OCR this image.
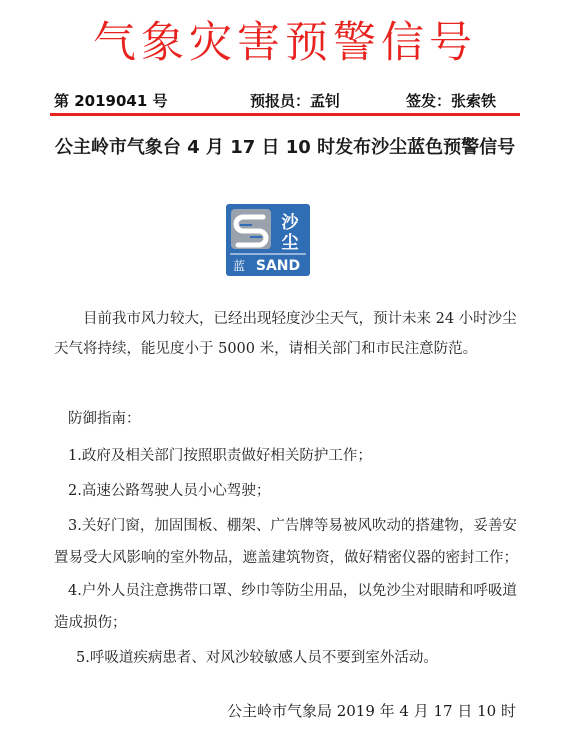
气象灾害预警信号
第 2019041 号	预报员：孟钊	签发：张索铁
公主岭市气象台 4 月 17 日 10 时发布沙尘蓝色预警信号
沙
尘
蓝 SAND
目前我市风力较大，已经出现轻度沙尘天气，预计未来 24 小时沙尘天气将持续，能见度小于 5000 米，请相关部门和市民注意防范。
防御指南：
1.政府及相关部门按照职责做好相关防护工作；
2.高速公路驾驶人员小心驾驶；
3.关好门窗，加固围板、棚架、广告牌等易被风吹动的搭建物，妥善安置易受大风影响的室外物品，遮盖建筑物资，做好精密仪器的密封工作；
4.户外人员注意携带口罩、纱巾等防尘用品，以免沙尘对眼睛和呼吸道造成损伤；
5.呼吸道疾病患者、对风沙较敏感人员不要到室外活动。
公主岭市气象局 2019 年 4 月 17 日 10 时
